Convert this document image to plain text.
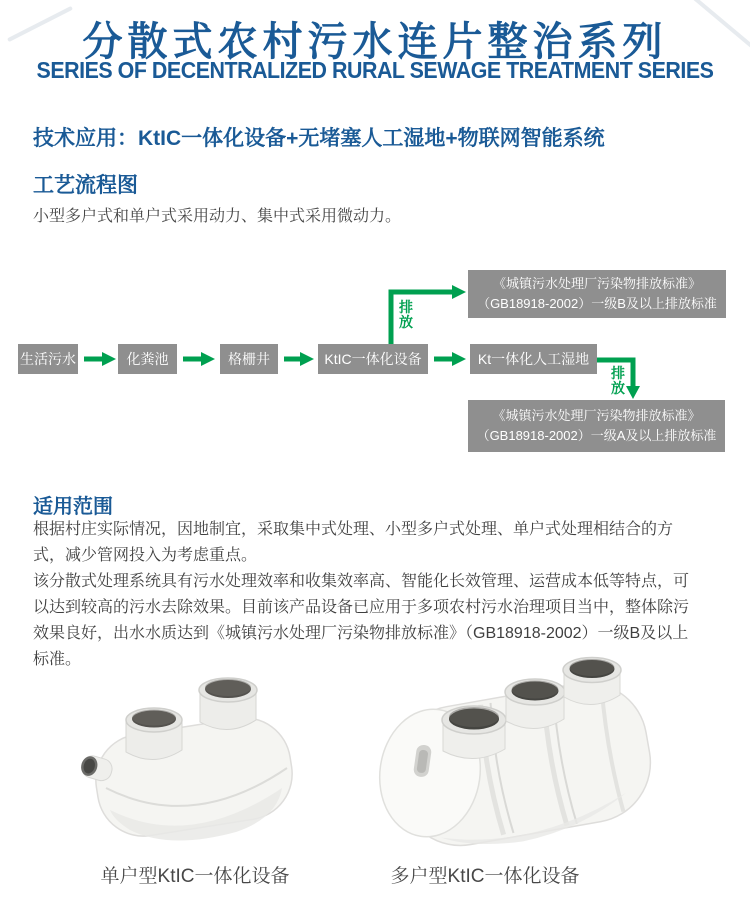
分散式农村污水连片整治系列
SERIES OF DECENTRALIZED RURAL SEWAGE TREATMENT SERIES
技术应用：KtIC一体化设备+无堵塞人工湿地+物联网智能系统
工艺流程图
小型多户式和单户式采用动力、集中式采用微动力。
生活污水	化粪池	格栅井	KtIC一体化设备	Kt一体化人工湿地
《城镇污水处理厂污染物排放标准》
（GB18918-2002）一级B及以上排放标准
《城镇污水处理厂污染物排放标准》
（GB18918-2002）一级A及以上排放标准
排放
排放
适用范围

根据村庄实际情况，因地制宜，采取集中式处理、小型多户式处理、单户式处理相结合的方式，减少管网投入为考虑重点。

该分散式处理系统具有污水处理效率和收集效率高、智能化长效管理、运营成本低等特点，可以达到较高的污水去除效果。目前该产品设备已应用于多项农村污水治理项目当中，整体除污效果良好，出水水质达到《城镇污水处理厂污染物排放标准》（GB18918-2002）一级B及以上标准。

单户型KtIC一体化设备	多户型KtIC一体化设备
